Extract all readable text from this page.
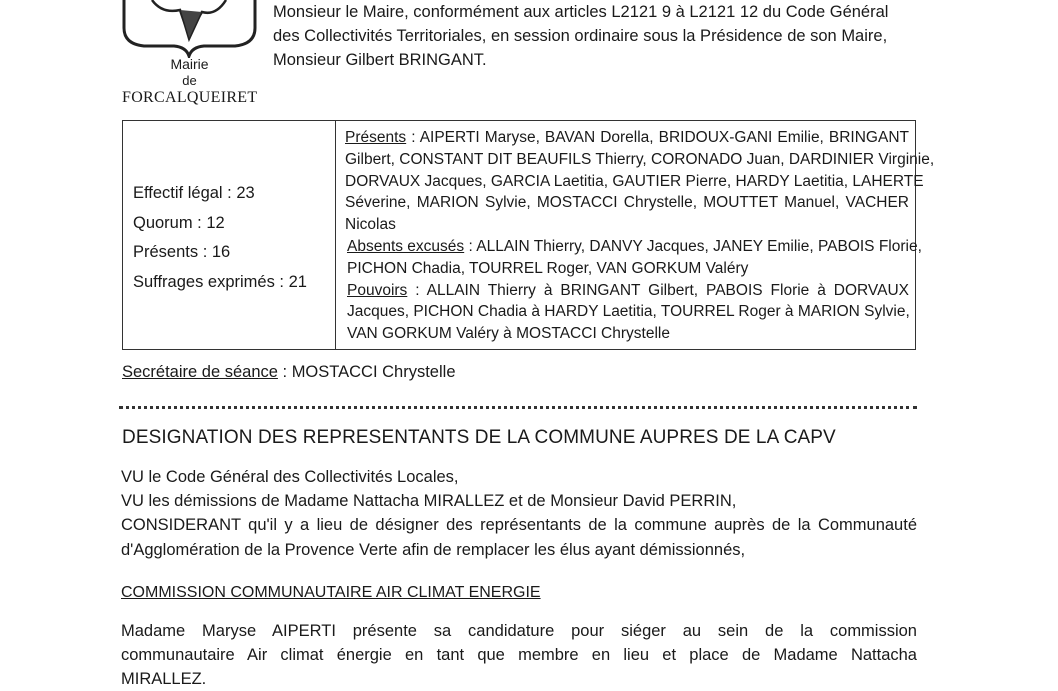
Mairie
de
FORCALQUEIRET
Monsieur le Maire, conformément aux articles L2121 9 à L2121 12 du Code Général
des Collectivités Territoriales, en session ordinaire sous la Présidence de son Maire,
Monsieur Gilbert BRINGANT.
Effectif légal : 23
Quorum : 12
Présents : 16
Suffrages exprimés : 21
Présents : AIPERTI Maryse, BAVAN Dorella, BRIDOUX-GANI Emilie, BRINGANT
Gilbert, CONSTANT DIT BEAUFILS Thierry, CORONADO Juan, DARDINIER Virginie,
DORVAUX Jacques, GARCIA Laetitia, GAUTIER Pierre, HARDY Laetitia, LAHERTE
Séverine, MARION Sylvie, MOSTACCI Chrystelle, MOUTTET Manuel, VACHER
Nicolas
Absents excusés : ALLAIN Thierry, DANVY Jacques, JANEY Emilie, PABOIS Florie,
PICHON Chadia, TOURREL Roger, VAN GORKUM Valéry
Pouvoirs : ALLAIN Thierry à BRINGANT Gilbert, PABOIS Florie à DORVAUX
Jacques, PICHON Chadia à HARDY Laetitia, TOURREL Roger à MARION Sylvie,
VAN GORKUM Valéry à MOSTACCI Chrystelle
Secrétaire de séance : MOSTACCI Chrystelle
DESIGNATION DES REPRESENTANTS DE LA COMMUNE AUPRES DE LA CAPV
VU le Code Général des Collectivités Locales,
VU les démissions de Madame Nattacha MIRALLEZ et de Monsieur David PERRIN,
CONSIDERANT qu'il y a lieu de désigner des représentants de la commune auprès de la Communauté
d'Agglomération de la Provence Verte afin de remplacer les élus ayant démissionnés,
COMMISSION COMMUNAUTAIRE AIR CLIMAT ENERGIE
Madame Maryse AIPERTI présente sa candidature pour siéger au sein de la commission
communautaire Air climat énergie en tant que membre en lieu et place de Madame Nattacha
MIRALLEZ.
